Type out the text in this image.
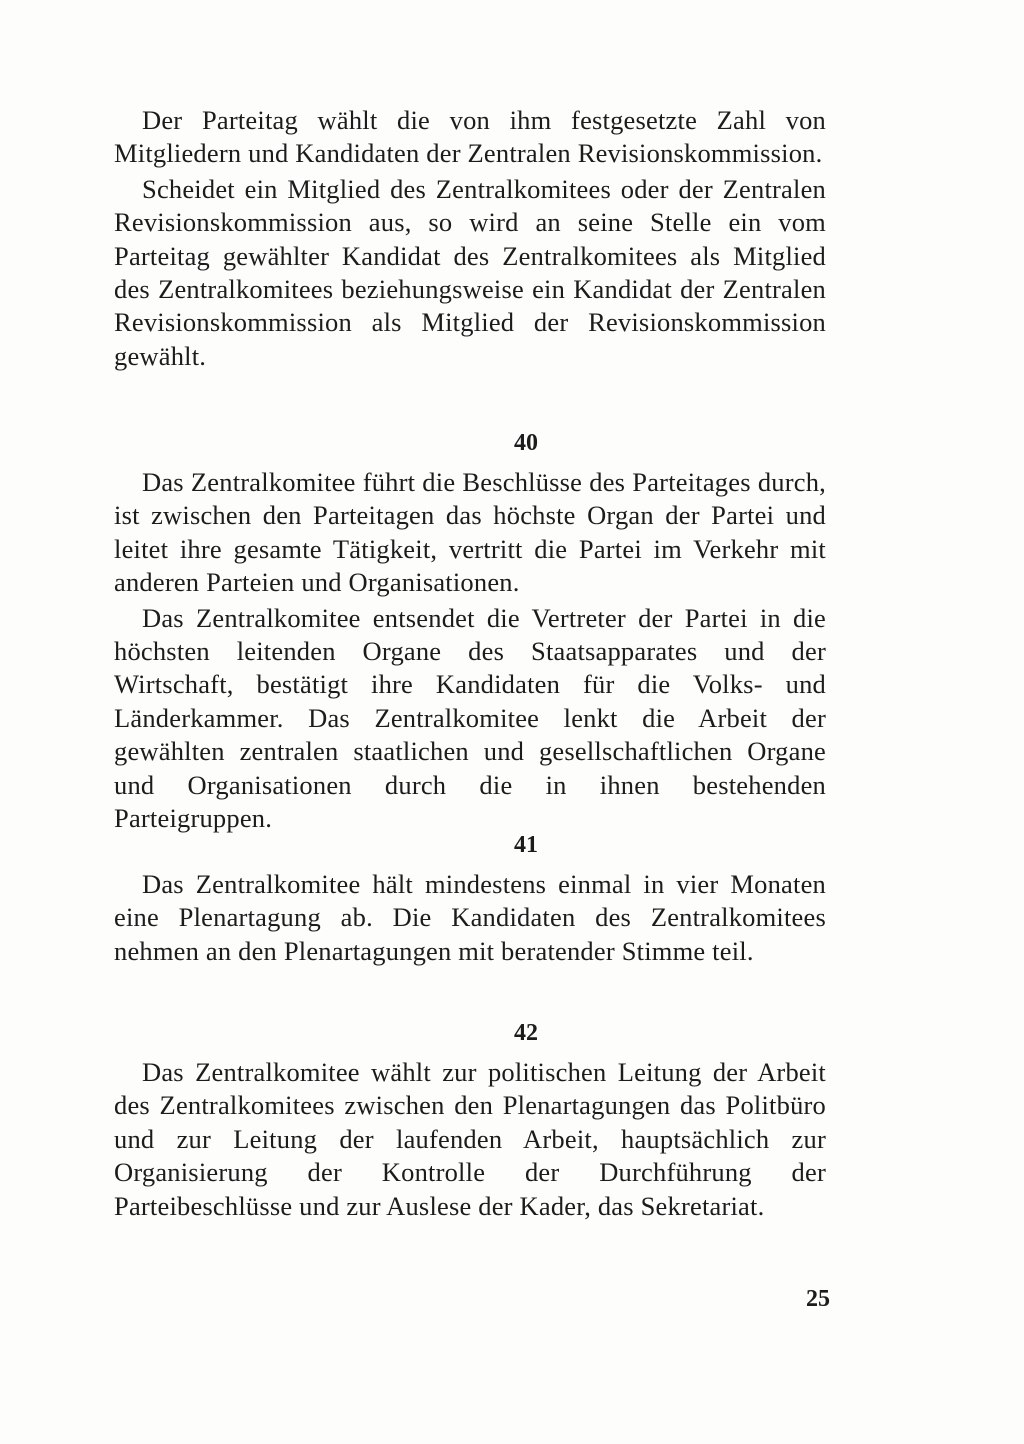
Der Parteitag wählt die von ihm festgesetzte Zahl von Mitgliedern und Kandidaten der Zentralen Revisionskommission.

Scheidet ein Mitglied des Zentralkomitees oder der Zentralen Revisionskommission aus, so wird an seine Stelle ein vom Parteitag gewählter Kandidat des Zentralkomitees als Mitglied des Zentralkomitees beziehungsweise ein Kandidat der Zentralen Revisionskommission als Mitglied der Revisionskommission gewählt.

40

Das Zentralkomitee führt die Beschlüsse des Parteitages durch, ist zwischen den Parteitagen das höchste Organ der Partei und leitet ihre gesamte Tätigkeit, vertritt die Partei im Verkehr mit anderen Parteien und Organisationen.

Das Zentralkomitee entsendet die Vertreter der Partei in die höchsten leitenden Organe des Staatsapparates und der Wirtschaft, bestätigt ihre Kandidaten für die Volks- und Länderkammer. Das Zentralkomitee lenkt die Arbeit der gewählten zentralen staatlichen und gesellschaftlichen Organe und Organisationen durch die in ihnen bestehenden Parteigruppen.

41

Das Zentralkomitee hält mindestens einmal in vier Monaten eine Plenartagung ab. Die Kandidaten des Zentralkomitees nehmen an den Plenartagungen mit beratender Stimme teil.

42

Das Zentralkomitee wählt zur politischen Leitung der Arbeit des Zentralkomitees zwischen den Plenartagungen das Politbüro und zur Leitung der laufenden Arbeit, hauptsächlich zur Organisierung der Kontrolle der Durchführung der Parteibeschlüsse und zur Auslese der Kader, das Sekretariat.

25
